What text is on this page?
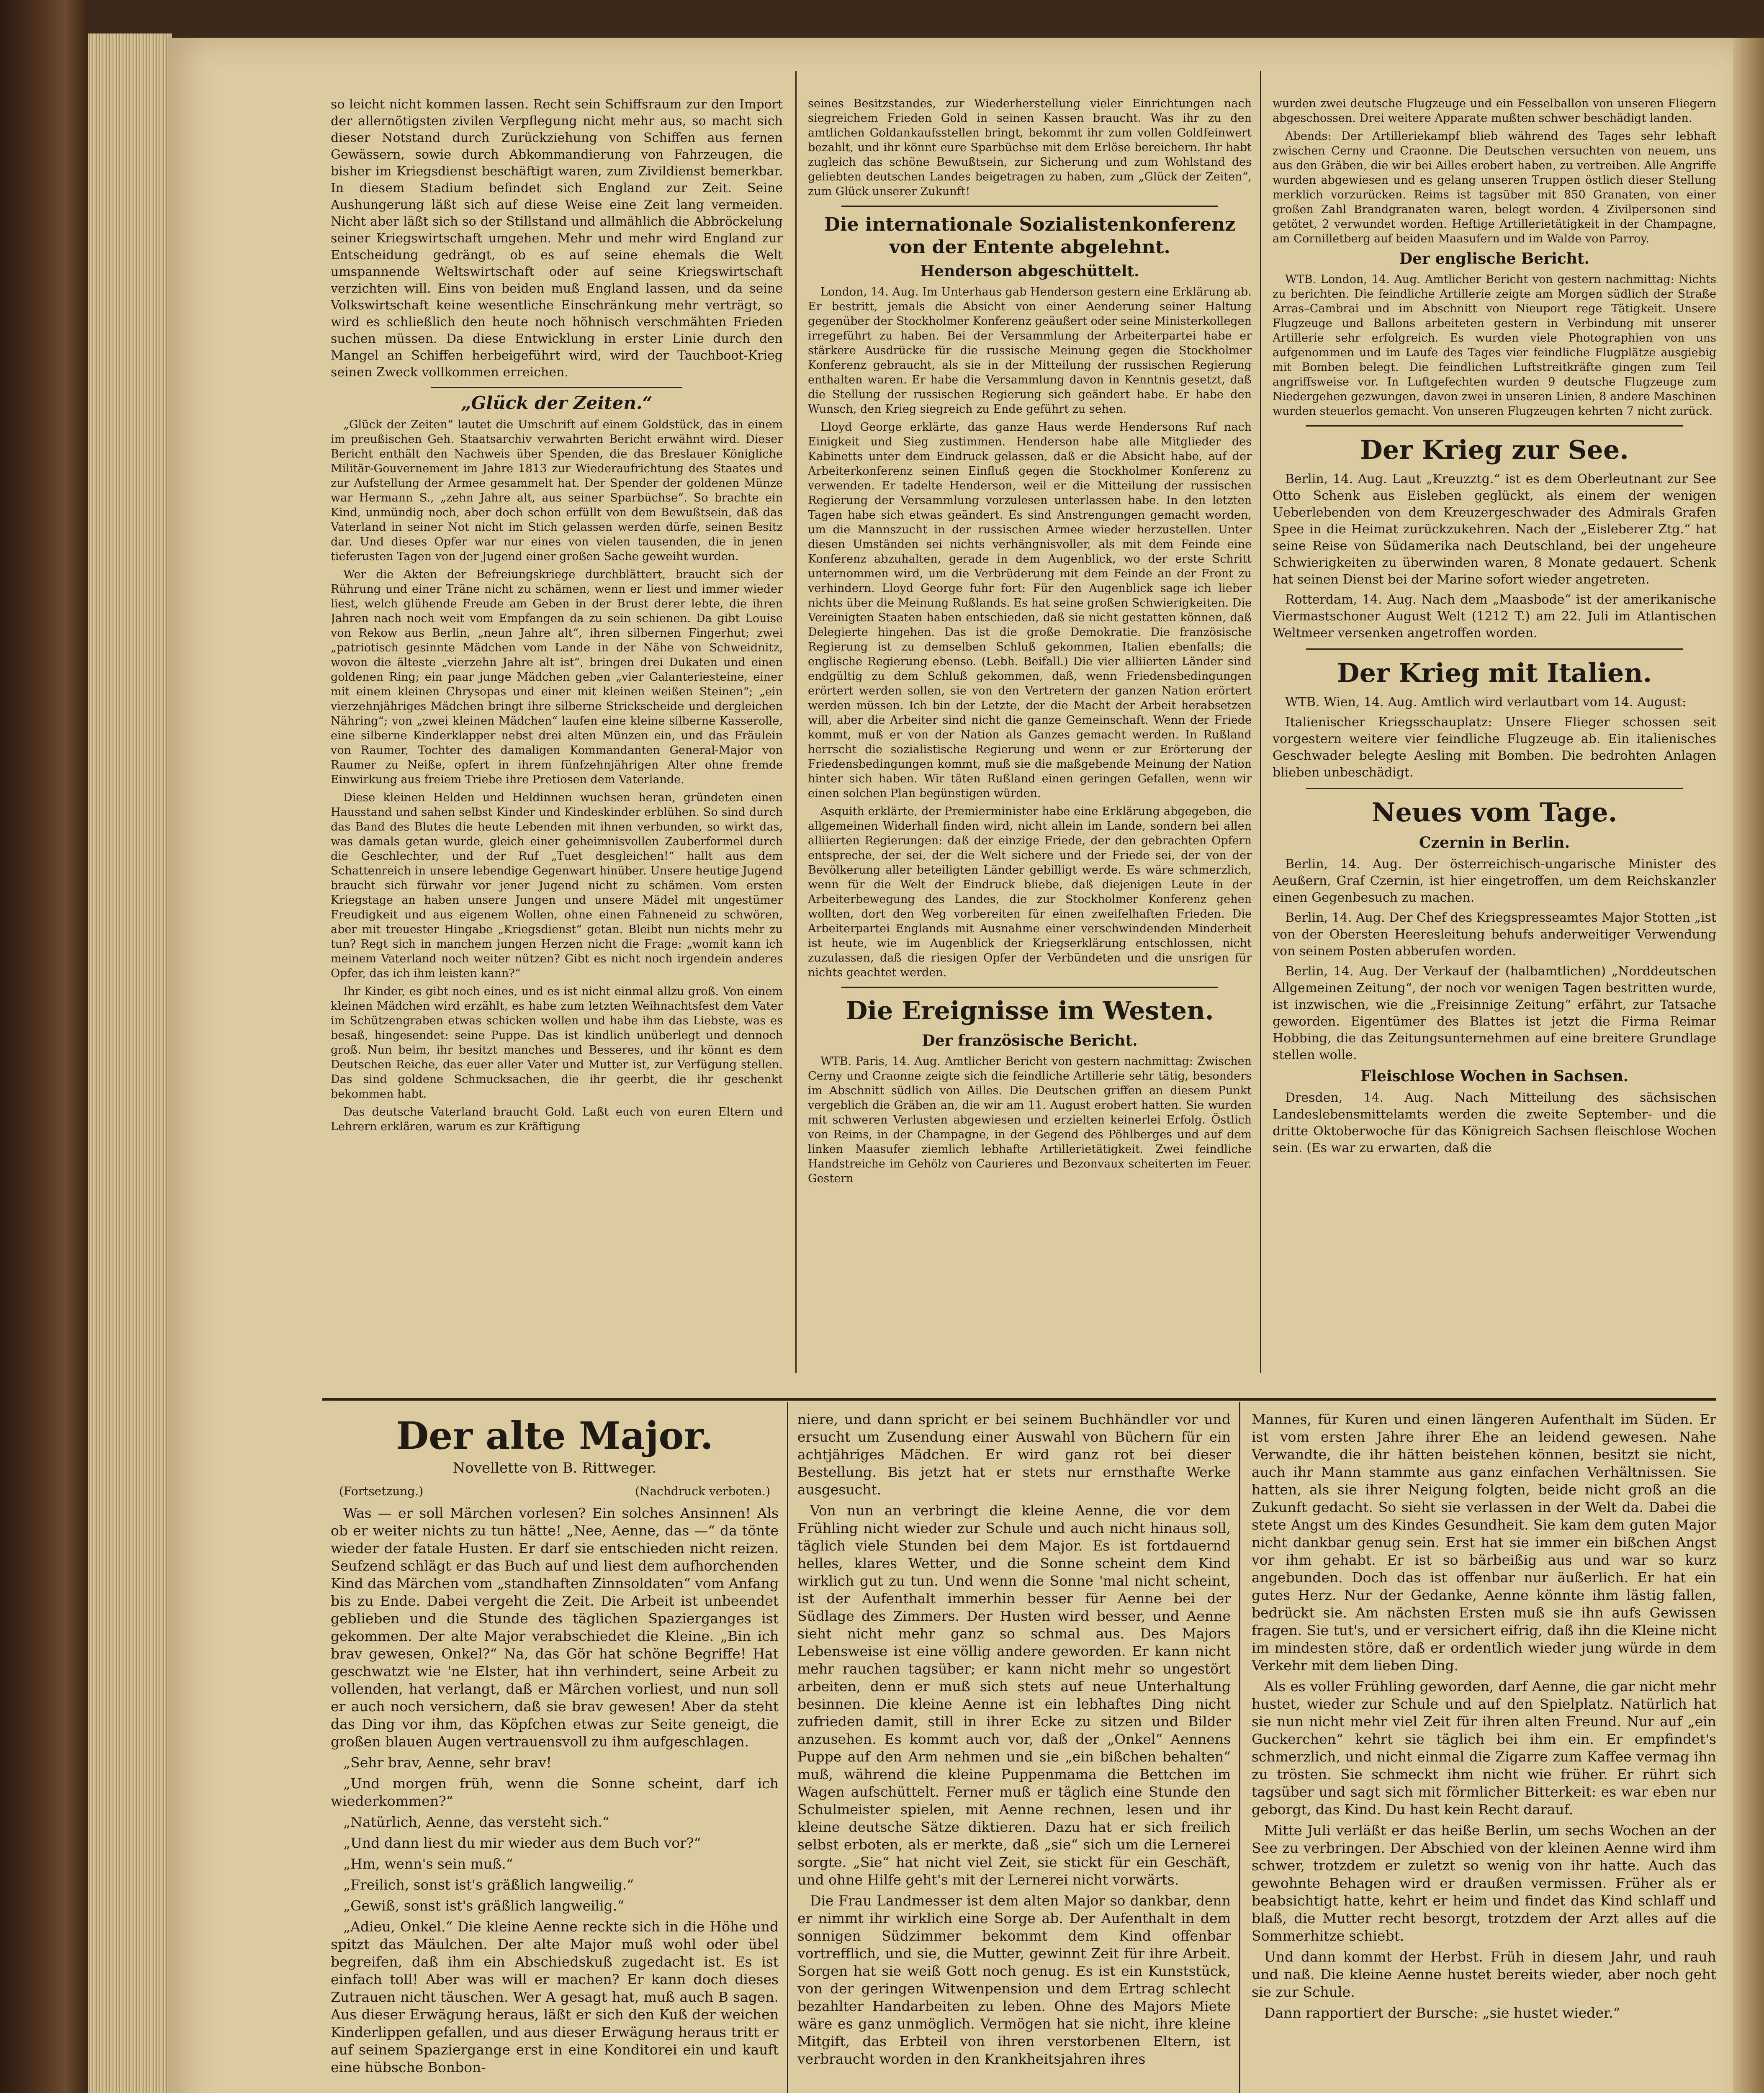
so leicht nicht kommen lassen. Recht sein Schiffsraum zur den Import der allernötigsten zivilen Verpflegung nicht mehr aus, so macht sich dieser Notstand durch Zurückziehung von Schiffen aus fernen Gewässern, sowie durch Abkommandierung von Fahrzeugen, die bisher im Kriegsdienst beschäftigt waren, zum Zivildienst bemerkbar. In diesem Stadium befindet sich England zur Zeit. Seine Aushungerung läßt sich auf diese Weise eine Zeit lang vermeiden. Nicht aber läßt sich so der Stillstand und allmählich die Abbröckelung seiner Kriegswirtschaft umgehen. Mehr und mehr wird England zur Entscheidung gedrängt, ob es auf seine ehemals die Welt umspannende Weltswirtschaft oder auf seine Kriegswirtschaft verzichten will. Eins von beiden muß England lassen, und da seine Volkswirtschaft keine wesentliche Einschränkung mehr verträgt, so wird es schließlich den heute noch höhnisch verschmähten Frieden suchen müssen. Da diese Entwicklung in erster Linie durch den Mangel an Schiffen herbeigeführt wird, wird der Tauchboot-Krieg seinen Zweck vollkommen erreichen.

„Glück der Zeiten.“

„Glück der Zeiten“ lautet die Umschrift auf einem Goldstück, das in einem im preußischen Geh. Staatsarchiv verwahrten Bericht erwähnt wird. Dieser Bericht enthält den Nachweis über Spenden, die das Breslauer Königliche Militär-Gouvernement im Jahre 1813 zur Wiederaufrichtung des Staates und zur Aufstellung der Armee gesammelt hat. Der Spender der goldenen Münze war Hermann S., „zehn Jahre alt, aus seiner Sparbüchse“. So brachte ein Kind, unmündig noch, aber doch schon erfüllt von dem Bewußtsein, daß das Vaterland in seiner Not nicht im Stich gelassen werden dürfe, seinen Besitz dar. Und dieses Opfer war nur eines von vielen tausenden, die in jenen tieferusten Tagen von der Jugend einer großen Sache geweiht wurden.

Wer die Akten der Befreiungskriege durchblättert, braucht sich der Rührung und einer Träne nicht zu schämen, wenn er liest und immer wieder liest, welch glühende Freude am Geben in der Brust derer lebte, die ihren Jahren nach noch weit vom Empfangen da zu sein schienen. Da gibt Louise von Rekow aus Berlin, „neun Jahre alt“, ihren silbernen Fingerhut; zwei „patriotisch gesinnte Mädchen vom Lande in der Nähe von Schweidnitz, wovon die älteste „vierzehn Jahre alt ist“, bringen drei Dukaten und einen goldenen Ring; ein paar junge Mädchen geben „vier Galanteriesteine, einer mit einem kleinen Chrysopas und einer mit kleinen weißen Steinen“; „ein vierzehnjähriges Mädchen bringt ihre silberne Strickscheide und dergleichen Nähring“; von „zwei kleinen Mädchen“ laufen eine kleine silberne Kasserolle, eine silberne Kinderklapper nebst drei alten Münzen ein, und das Fräulein von Raumer, Tochter des damaligen Kommandanten General-Major von Raumer zu Neiße, opfert in ihrem fünfzehnjährigen Alter ohne fremde Einwirkung aus freiem Triebe ihre Pretiosen dem Vaterlande.

Diese kleinen Helden und Heldinnen wuchsen heran, gründeten einen Hausstand und sahen selbst Kinder und Kindeskinder erblühen. So sind durch das Band des Blutes die heute Lebenden mit ihnen verbunden, so wirkt das, was damals getan wurde, gleich einer geheimnisvollen Zauberformel durch die Geschlechter, und der Ruf „Tuet desgleichen!“ hallt aus dem Schattenreich in unsere lebendige Gegenwart hinüber. Unsere heutige Jugend braucht sich fürwahr vor jener Jugend nicht zu schämen. Vom ersten Kriegstage an haben unsere Jungen und unsere Mädel mit ungestümer Freudigkeit und aus eigenem Wollen, ohne einen Fahneneid zu schwören, aber mit treuester Hingabe „Kriegsdienst“ getan. Bleibt nun nichts mehr zu tun? Regt sich in manchem jungen Herzen nicht die Frage: „womit kann ich meinem Vaterland noch weiter nützen? Gibt es nicht noch irgendein anderes Opfer, das ich ihm leisten kann?“

Ihr Kinder, es gibt noch eines, und es ist nicht einmal allzu groß. Von einem kleinen Mädchen wird erzählt, es habe zum letzten Weihnachtsfest dem Vater im Schützengraben etwas schicken wollen und habe ihm das Liebste, was es besaß, hingesendet: seine Puppe. Das ist kindlich unüberlegt und dennoch groß. Nun beim, ihr besitzt manches und Besseres, und ihr könnt es dem Deutschen Reiche, das euer aller Vater und Mutter ist, zur Verfügung stellen. Das sind goldene Schmucksachen, die ihr geerbt, die ihr geschenkt bekommen habt.

Das deutsche Vaterland braucht Gold. Laßt euch von euren Eltern und Lehrern erklären, warum es zur Kräftigung

seines Besitzstandes, zur Wiederherstellung vieler Einrichtungen nach siegreichem Frieden Gold in seinen Kassen braucht. Was ihr zu den amtlichen Goldankaufsstellen bringt, bekommt ihr zum vollen Goldfeinwert bezahlt, und ihr könnt eure Sparbüchse mit dem Erlöse bereichern. Ihr habt zugleich das schöne Bewußtsein, zur Sicherung und zum Wohlstand des geliebten deutschen Landes beigetragen zu haben, zum „Glück der Zeiten“, zum Glück unserer Zukunft!

Die internationale Sozialistenkonferenz von der Entente abgelehnt.
Henderson abgeschüttelt.

London, 14. Aug. Im Unterhaus gab Henderson gestern eine Erklärung ab. Er bestritt, jemals die Absicht von einer Aenderung seiner Haltung gegenüber der Stockholmer Konferenz geäußert oder seine Ministerkollegen irregeführt zu haben. Bei der Versammlung der Arbeiterpartei habe er stärkere Ausdrücke für die russische Meinung gegen die Stockholmer Konferenz gebraucht, als sie in der Mitteilung der russischen Regierung enthalten waren. Er habe die Versammlung davon in Kenntnis gesetzt, daß die Stellung der russischen Regierung sich geändert habe. Er habe den Wunsch, den Krieg siegreich zu Ende geführt zu sehen.

Lloyd George erklärte, das ganze Haus werde Hendersons Ruf nach Einigkeit und Sieg zustimmen. Henderson habe alle Mitglieder des Kabinetts unter dem Eindruck gelassen, daß er die Absicht habe, auf der Arbeiterkonferenz seinen Einfluß gegen die Stockholmer Konferenz zu verwenden. Er tadelte Henderson, weil er die Mitteilung der russischen Regierung der Versammlung vorzulesen unterlassen habe. In den letzten Tagen habe sich etwas geändert. Es sind Anstrengungen gemacht worden, um die Mannszucht in der russischen Armee wieder herzustellen. Unter diesen Umständen sei nichts verhängnisvoller, als mit dem Feinde eine Konferenz abzuhalten, gerade in dem Augenblick, wo der erste Schritt unternommen wird, um die Verbrüderung mit dem Feinde an der Front zu verhindern. Lloyd George fuhr fort: Für den Augenblick sage ich lieber nichts über die Meinung Rußlands. Es hat seine großen Schwierigkeiten. Die Vereinigten Staaten haben entschieden, daß sie nicht gestatten können, daß Delegierte hingehen. Das ist die große Demokratie. Die französische Regierung ist zu demselben Schluß gekommen, Italien ebenfalls; die englische Regierung ebenso. (Lebh. Beifall.) Die vier alliierten Länder sind endgültig zu dem Schluß gekommen, daß, wenn Friedensbedingungen erörtert werden sollen, sie von den Vertretern der ganzen Nation erörtert werden müssen. Ich bin der Letzte, der die Macht der Arbeit herabsetzen will, aber die Arbeiter sind nicht die ganze Gemeinschaft. Wenn der Friede kommt, muß er von der Nation als Ganzes gemacht werden. In Rußland herrscht die sozialistische Regierung und wenn er zur Erörterung der Friedensbedingungen kommt, muß sie die maßgebende Meinung der Nation hinter sich haben. Wir täten Rußland einen geringen Gefallen, wenn wir einen solchen Plan begünstigen würden.

Asquith erklärte, der Premierminister habe eine Erklärung abgegeben, die allgemeinen Widerhall finden wird, nicht allein im Lande, sondern bei allen alliierten Regierungen: daß der einzige Friede, der den gebrachten Opfern entspreche, der sei, der die Welt sichere und der Friede sei, der von der Bevölkerung aller beteiligten Länder gebilligt werde. Es wäre schmerzlich, wenn für die Welt der Eindruck bliebe, daß diejenigen Leute in der Arbeiterbewegung des Landes, die zur Stockholmer Konferenz gehen wollten, dort den Weg vorbereiten für einen zweifelhaften Frieden. Die Arbeiterpartei Englands mit Ausnahme einer verschwindenden Minderheit ist heute, wie im Augenblick der Kriegserklärung entschlossen, nicht zuzulassen, daß die riesigen Opfer der Verbündeten und die unsrigen für nichts geachtet werden.

Die Ereignisse im Westen.
Der französische Bericht.

WTB. Paris, 14. Aug. Amtlicher Bericht von gestern nachmittag: Zwischen Cerny und Craonne zeigte sich die feindliche Artillerie sehr tätig, besonders im Abschnitt südlich von Ailles. Die Deutschen griffen an diesem Punkt vergeblich die Gräben an, die wir am 11. August erobert hatten. Sie wurden mit schweren Verlusten abgewiesen und erzielten keinerlei Erfolg. Östlich von Reims, in der Champagne, in der Gegend des Pöhlberges und auf dem linken Maasufer ziemlich lebhafte Artillerietätigkeit. Zwei feindliche Handstreiche im Gehölz von Caurieres und Bezonvaux scheiterten im Feuer. Gestern

wurden zwei deutsche Flugzeuge und ein Fesselballon von unseren Fliegern abgeschossen. Drei weitere Apparate mußten schwer beschädigt landen.

Abends: Der Artilleriekampf blieb während des Tages sehr lebhaft zwischen Cerny und Craonne. Die Deutschen versuchten von neuem, uns aus den Gräben, die wir bei Ailles erobert haben, zu vertreiben. Alle Angriffe wurden abgewiesen und es gelang unseren Truppen östlich dieser Stellung merklich vorzurücken. Reims ist tagsüber mit 850 Granaten, von einer großen Zahl Brandgranaten waren, belegt worden. 4 Zivilpersonen sind getötet, 2 verwundet worden. Heftige Artillerietätigkeit in der Champagne, am Cornilletberg auf beiden Maasufern und im Walde von Parroy.

Der englische Bericht.

WTB. London, 14. Aug. Amtlicher Bericht von gestern nachmittag: Nichts zu berichten. Die feindliche Artillerie zeigte am Morgen südlich der Straße Arras–Cambrai und im Abschnitt von Nieuport rege Tätigkeit. Unsere Flugzeuge und Ballons arbeiteten gestern in Verbindung mit unserer Artillerie sehr erfolgreich. Es wurden viele Photographien von uns aufgenommen und im Laufe des Tages vier feindliche Flugplätze ausgiebig mit Bomben belegt. Die feindlichen Luftstreitkräfte gingen zum Teil angriffsweise vor. In Luftgefechten wurden 9 deutsche Flugzeuge zum Niedergehen gezwungen, davon zwei in unseren Linien, 8 andere Maschinen wurden steuerlos gemacht. Von unseren Flugzeugen kehrten 7 nicht zurück.

Der Krieg zur See.

Berlin, 14. Aug. Laut „Kreuzztg.“ ist es dem Oberleutnant zur See Otto Schenk aus Eisleben geglückt, als einem der wenigen Ueberlebenden von dem Kreuzergeschwader des Admirals Grafen Spee in die Heimat zurückzukehren. Nach der „Eisleberer Ztg.“ hat seine Reise von Südamerika nach Deutschland, bei der ungeheure Schwierigkeiten zu überwinden waren, 8 Monate gedauert. Schenk hat seinen Dienst bei der Marine sofort wieder angetreten.

Rotterdam, 14. Aug. Nach dem „Maasbode“ ist der amerikanische Viermastschoner August Welt (1212 T.) am 22. Juli im Atlantischen Weltmeer versenken angetroffen worden.

Der Krieg mit Italien.

WTB. Wien, 14. Aug. Amtlich wird verlautbart vom 14. August:

Italienischer Kriegsschauplatz: Unsere Flieger schossen seit vorgestern weitere vier feindliche Flugzeuge ab. Ein italienisches Geschwader belegte Aesling mit Bomben. Die bedrohten Anlagen blieben unbeschädigt.

Neues vom Tage.
Czernin in Berlin.

Berlin, 14. Aug. Der österreichisch-ungarische Minister des Aeußern, Graf Czernin, ist hier eingetroffen, um dem Reichskanzler einen Gegenbesuch zu machen.

Berlin, 14. Aug. Der Chef des Kriegspresseamtes Major Stotten „ist von der Obersten Heeresleitung behufs anderweitiger Verwendung von seinem Posten abberufen worden.

Berlin, 14. Aug. Der Verkauf der (halbamtlichen) „Norddeutschen Allgemeinen Zeitung“, der noch vor wenigen Tagen bestritten wurde, ist inzwischen, wie die „Freisinnige Zeitung“ erfährt, zur Tatsache geworden. Eigentümer des Blattes ist jetzt die Firma Reimar Hobbing, die das Zeitungsunternehmen auf eine breitere Grundlage stellen wolle.

Fleischlose Wochen in Sachsen.

Dresden, 14. Aug. Nach Mitteilung des sächsischen Landeslebensmittelamts werden die zweite September- und die dritte Oktoberwoche für das Königreich Sachsen fleischlose Wochen sein. (Es war zu erwarten, daß die

Der alte Major.
Novellette von B. Rittweger.
(Fortsetzung.)	(Nachdruck verboten.)

Was — er soll Märchen vorlesen? Ein solches Ansinnen! Als ob er weiter nichts zu tun hätte! „Nee, Aenne, das —“ da tönte wieder der fatale Husten. Er darf sie entschieden nicht reizen. Seufzend schlägt er das Buch auf und liest dem aufhorchenden Kind das Märchen vom „standhaften Zinnsoldaten“ vom Anfang bis zu Ende. Dabei vergeht die Zeit. Die Arbeit ist unbeendet geblieben und die Stunde des täglichen Spazierganges ist gekommen. Der alte Major verabschiedet die Kleine. „Bin ich brav gewesen, Onkel?“ Na, das Gör hat schöne Begriffe! Hat geschwatzt wie 'ne Elster, hat ihn verhindert, seine Arbeit zu vollenden, hat verlangt, daß er Märchen vorliest, und nun soll er auch noch versichern, daß sie brav gewesen! Aber da steht das Ding vor ihm, das Köpfchen etwas zur Seite geneigt, die großen blauen Augen vertrauensvoll zu ihm aufgeschlagen.

„Sehr brav, Aenne, sehr brav!

„Und morgen früh, wenn die Sonne scheint, darf ich wiederkommen?“

„Natürlich, Aenne, das versteht sich.“

„Und dann liest du mir wieder aus dem Buch vor?“

„Hm, wenn's sein muß.“

„Freilich, sonst ist's gräßlich langweilig.“

„Gewiß, sonst ist's gräßlich langweilig.“

„Adieu, Onkel.“ Die kleine Aenne reckte sich in die Höhe und spitzt das Mäulchen. Der alte Major muß wohl oder übel begreifen, daß ihm ein Abschiedskuß zugedacht ist. Es ist einfach toll! Aber was will er machen? Er kann doch dieses Zutrauen nicht täuschen. Wer A gesagt hat, muß auch B sagen. Aus dieser Erwägung heraus, läßt er sich den Kuß der weichen Kinderlippen gefallen, und aus dieser Erwägung heraus tritt er auf seinem Spaziergange erst in eine Konditorei ein und kauft eine hübsche Bonbon-

niere, und dann spricht er bei seinem Buchhändler vor und ersucht um Zusendung einer Auswahl von Büchern für ein achtjähriges Mädchen. Er wird ganz rot bei dieser Bestellung. Bis jetzt hat er stets nur ernsthafte Werke ausgesucht.

Von nun an verbringt die kleine Aenne, die vor dem Frühling nicht wieder zur Schule und auch nicht hinaus soll, täglich viele Stunden bei dem Major. Es ist fortdauernd helles, klares Wetter, und die Sonne scheint dem Kind wirklich gut zu tun. Und wenn die Sonne 'mal nicht scheint, ist der Aufenthalt immerhin besser für Aenne bei der Südlage des Zimmers. Der Husten wird besser, und Aenne sieht nicht mehr ganz so schmal aus. Des Majors Lebensweise ist eine völlig andere geworden. Er kann nicht mehr rauchen tagsüber; er kann nicht mehr so ungestört arbeiten, denn er muß sich stets auf neue Unterhaltung besinnen. Die kleine Aenne ist ein lebhaftes Ding nicht zufrieden damit, still in ihrer Ecke zu sitzen und Bilder anzusehen. Es kommt auch vor, daß der „Onkel“ Aennens Puppe auf den Arm nehmen und sie „ein bißchen behalten“ muß, während die kleine Puppenmama die Bettchen im Wagen aufschüttelt. Ferner muß er täglich eine Stunde den Schulmeister spielen, mit Aenne rechnen, lesen und ihr kleine deutsche Sätze diktieren. Dazu hat er sich freilich selbst erboten, als er merkte, daß „sie“ sich um die Lernerei sorgte. „Sie“ hat nicht viel Zeit, sie stickt für ein Geschäft, und ohne Hilfe geht's mit der Lernerei nicht vorwärts.

Die Frau Landmesser ist dem alten Major so dankbar, denn er nimmt ihr wirklich eine Sorge ab. Der Aufenthalt in dem sonnigen Südzimmer bekommt dem Kind offenbar vortrefflich, und sie, die Mutter, gewinnt Zeit für ihre Arbeit. Sorgen hat sie weiß Gott noch genug. Es ist ein Kunststück, von der geringen Witwenpension und dem Ertrag schlecht bezahlter Handarbeiten zu leben. Ohne des Majors Miete wäre es ganz unmöglich. Vermögen hat sie nicht, ihre kleine Mitgift, das Erbteil von ihren verstorbenen Eltern, ist verbraucht worden in den Krankheitsjahren ihres

Mannes, für Kuren und einen längeren Aufenthalt im Süden. Er ist vom ersten Jahre ihrer Ehe an leidend gewesen. Nahe Verwandte, die ihr hätten beistehen können, besitzt sie nicht, auch ihr Mann stammte aus ganz einfachen Verhältnissen. Sie hatten, als sie ihrer Neigung folgten, beide nicht groß an die Zukunft gedacht. So sieht sie verlassen in der Welt da. Dabei die stete Angst um des Kindes Gesundheit. Sie kam dem guten Major nicht dankbar genug sein. Erst hat sie immer ein bißchen Angst vor ihm gehabt. Er ist so bärbeißig aus und war so kurz angebunden. Doch das ist offenbar nur äußerlich. Er hat ein gutes Herz. Nur der Gedanke, Aenne könnte ihm lästig fallen, bedrückt sie. Am nächsten Ersten muß sie ihn aufs Gewissen fragen. Sie tut's, und er versichert eifrig, daß ihn die Kleine nicht im mindesten störe, daß er ordentlich wieder jung würde in dem Verkehr mit dem lieben Ding.

Als es voller Frühling geworden, darf Aenne, die gar nicht mehr hustet, wieder zur Schule und auf den Spielplatz. Natürlich hat sie nun nicht mehr viel Zeit für ihren alten Freund. Nur auf „ein Guckerchen“ kehrt sie täglich bei ihm ein. Er empfindet's schmerzlich, und nicht einmal die Zigarre zum Kaffee vermag ihn zu trösten. Sie schmeckt ihm nicht wie früher. Er rührt sich tagsüber und sagt sich mit förmlicher Bitterkeit: es war eben nur geborgt, das Kind. Du hast kein Recht darauf.

Mitte Juli verläßt er das heiße Berlin, um sechs Wochen an der See zu verbringen. Der Abschied von der kleinen Aenne wird ihm schwer, trotzdem er zuletzt so wenig von ihr hatte. Auch das gewohnte Behagen wird er draußen vermissen. Früher als er beabsichtigt hatte, kehrt er heim und findet das Kind schlaff und blaß, die Mutter recht besorgt, trotzdem der Arzt alles auf die Sommerhitze schiebt.

Und dann kommt der Herbst. Früh in diesem Jahr, und rauh und naß. Die kleine Aenne hustet bereits wieder, aber noch geht sie zur Schule.

Dann rapportiert der Bursche: „sie hustet wieder.“
